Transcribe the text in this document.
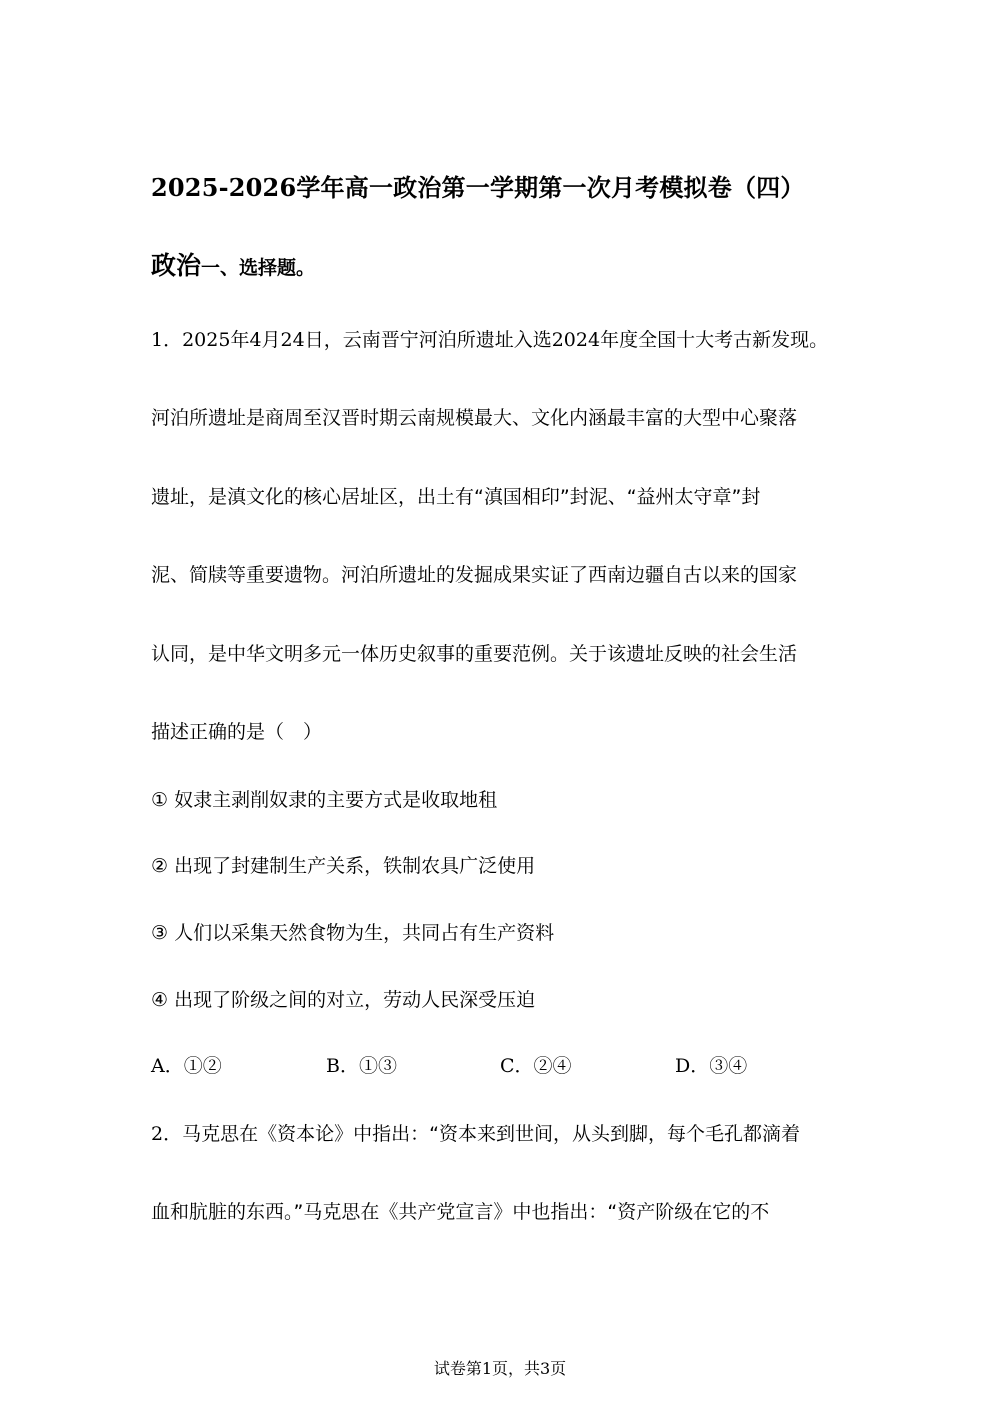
2025-2026学年高一政治第一学期第一次月考模拟卷（四）
政治一、选择题。
1．2025年4月24日，云南晋宁河泊所遗址入选2024年度全国十大考古新发现。
河泊所遗址是商周至汉晋时期云南规模最大、文化内涵最丰富的大型中心聚落
遗址，是滇文化的核心居址区，出土有“滇国相印”封泥、“益州太守章”封
泥、简牍等重要遗物。河泊所遗址的发掘成果实证了西南边疆自古以来的国家
认同，是中华文明多元一体历史叙事的重要范例。关于该遗址反映的社会生活
描述正确的是（　）
① 奴隶主剥削奴隶的主要方式是收取地租
② 出现了封建制生产关系，铁制农具广泛使用
③ 人们以采集天然食物为生，共同占有生产资料
④ 出现了阶级之间的对立，劳动人民深受压迫
A．①②	B．①③	C．②④	D．③④
2．马克思在《资本论》中指出：“资本来到世间，从头到脚，每个毛孔都滴着
血和肮脏的东西。”马克思在《共产党宣言》中也指出：“资产阶级在它的不
试卷第1页，共3页
